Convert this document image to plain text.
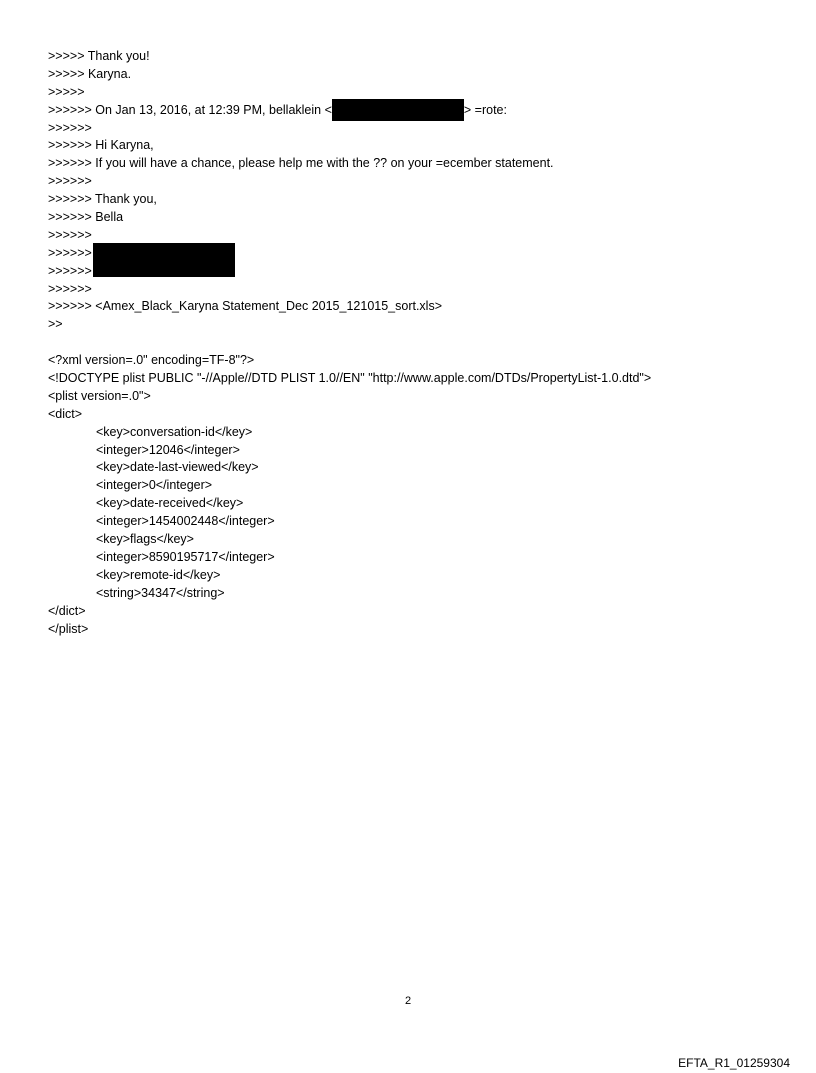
>>>>> Thank you!
>>>>> Karyna.
>>>>>
>>>>>> On Jan 13, 2016, at 12:39 PM, bellaklein <	> =rote:
>>>>>>
>>>>>> Hi Karyna,
>>>>>> If you will have a chance, please help me with the ?? on your =ecember statement.
>>>>>>
>>>>>> Thank you,
>>>>>> Bella
>>>>>>
>>>>>>
>>>>>>
>>>>>>
>>>>>> <Amex_Black_Karyna Statement_Dec 2015_121015_sort.xls>
>>
<?xml version=.0" encoding=TF-8"?>
<!DOCTYPE plist PUBLIC "-//Apple//DTD PLIST 1.0//EN" "http://www.apple.com/DTDs/PropertyList-1.0.dtd">
<plist version=.0">
<dict>
<key>conversation-id</key>
<integer>12046</integer>
<key>date-last-viewed</key>
<integer>0</integer>
<key>date-received</key>
<integer>1454002448</integer>
<key>flags</key>
<integer>8590195717</integer>
<key>remote-id</key>
<string>34347</string>
</dict>
</plist>
2
EFTA_R1_01259304
